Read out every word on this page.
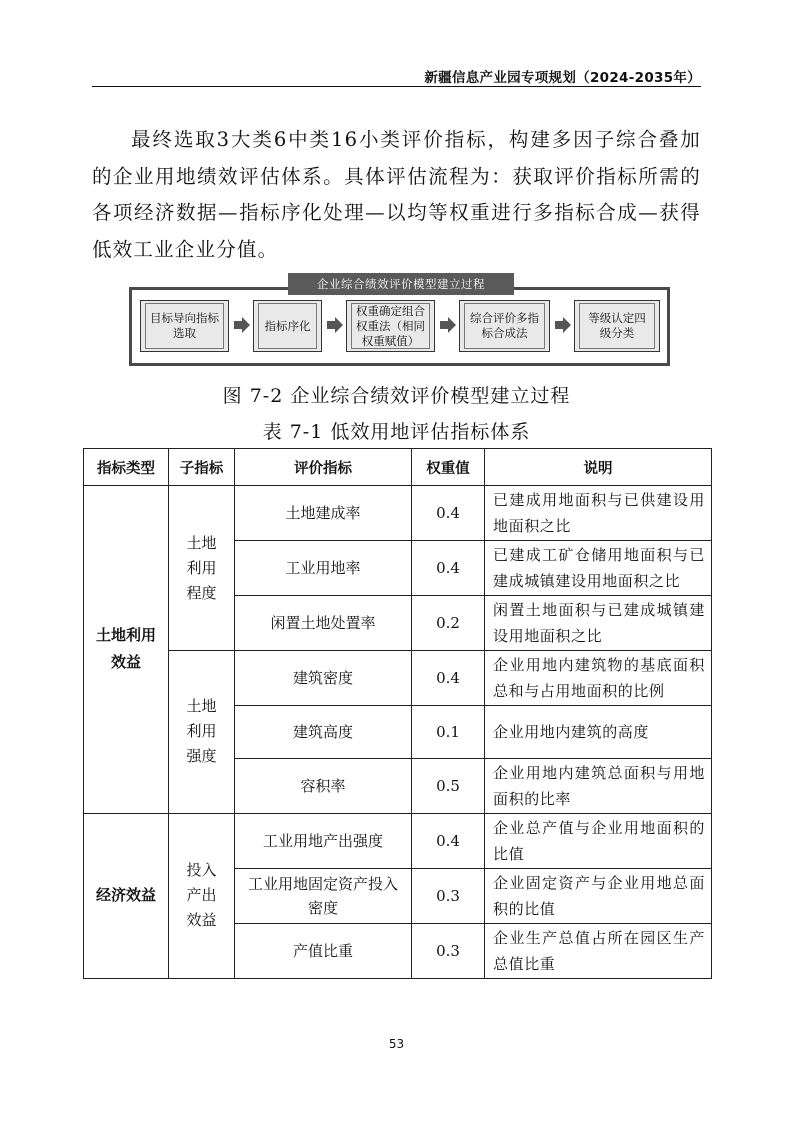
新疆信息产业园专项规划（2024-2035年）
最终选取3大类6中类16小类评价指标，构建多因子综合叠加的企业用地绩效评估体系。具体评估流程为：获取评价指标所需的各项经济数据—指标序化处理—以均等权重进行多指标合成—获得低效工业企业分值。
企业综合绩效评价模型建立过程
目标导向指标选取
指标序化
权重确定组合权重法（相同权重赋值）
综合评价多指标合成法
等级认定四级分类
图 7-2 企业综合绩效评价模型建立过程
表 7-1 低效用地评估指标体系
指标类型	子指标	评价指标	权重值	说明
土地利用效益	土地利用程度	土地建成率	0.4	已建成用地面积与已供建设用地面积之比
		工业用地率	0.4	已建成工矿仓储用地面积与已建成城镇建设用地面积之比
		闲置土地处置率	0.2	闲置土地面积与已建成城镇建设用地面积之比
	土地利用强度	建筑密度	0.4	企业用地内建筑物的基底面积总和与占用地面积的比例
		建筑高度	0.1	企业用地内建筑的高度
		容积率	0.5	企业用地内建筑总面积与用地面积的比率
经济效益	投入产出效益	工业用地产出强度	0.4	企业总产值与企业用地面积的比值
		工业用地固定资产投入密度	0.3	企业固定资产与企业用地总面积的比值
		产值比重	0.3	企业生产总值占所在园区生产总值比重
53
